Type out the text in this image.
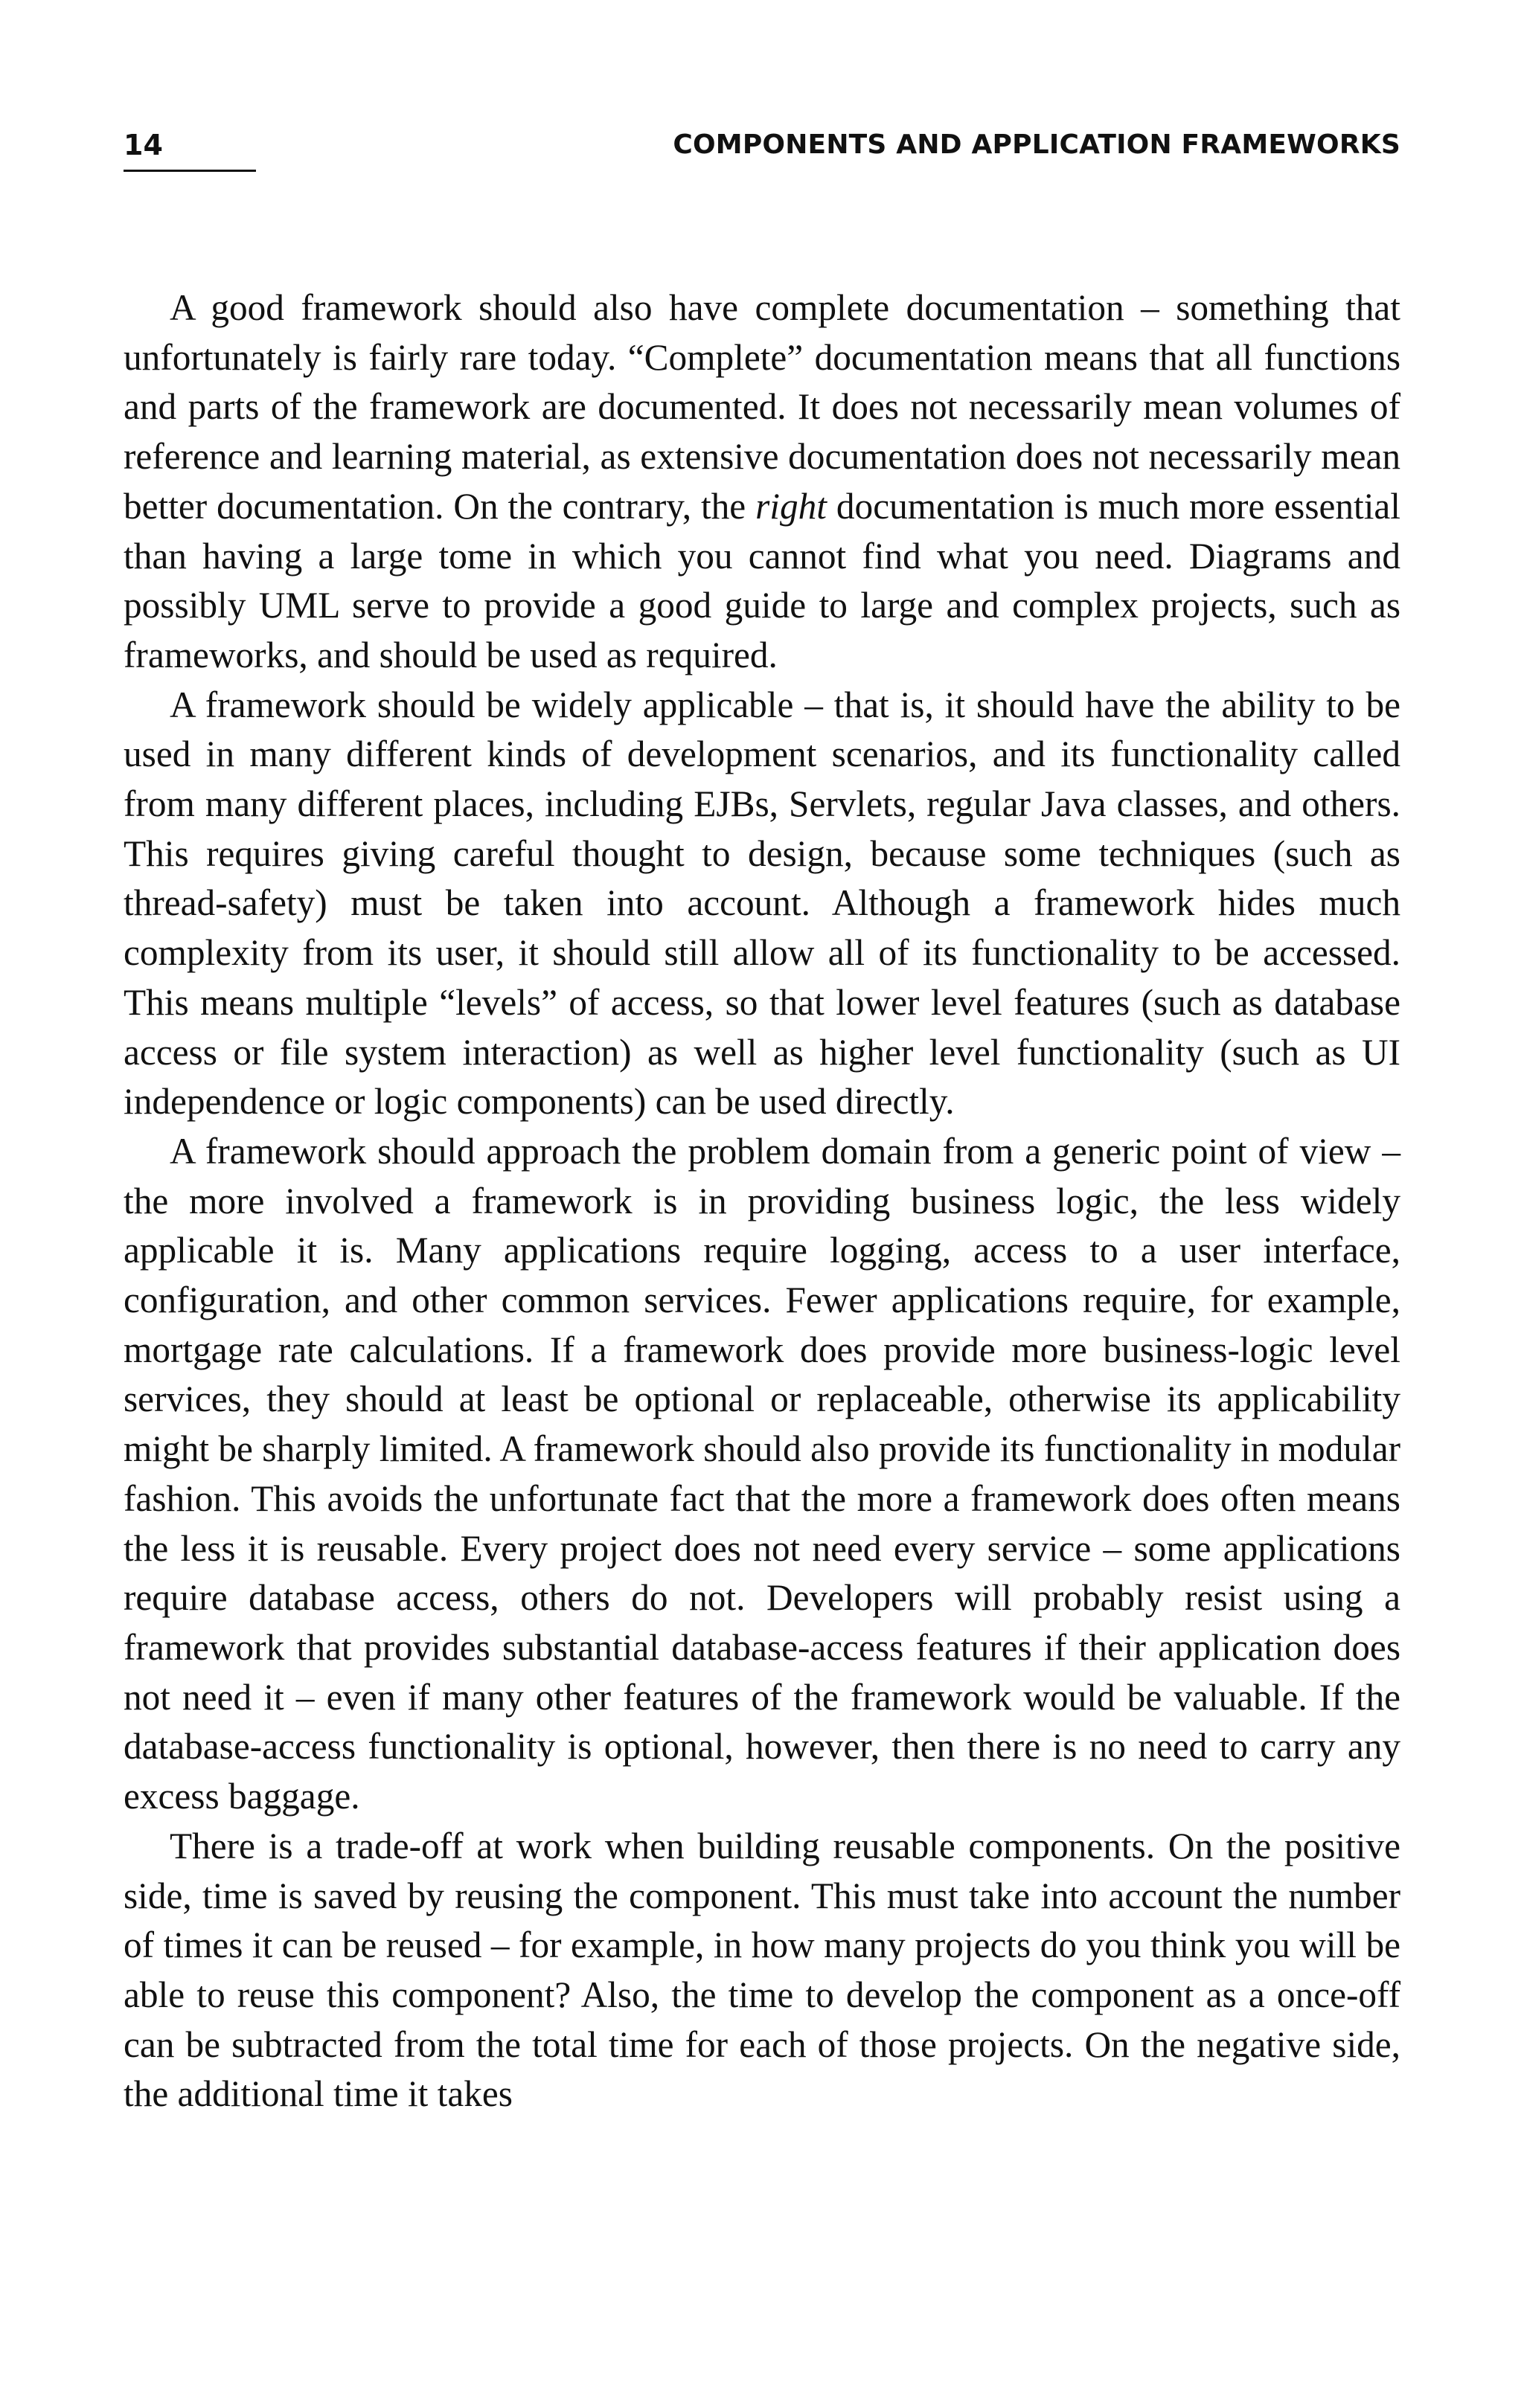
14	COMPONENTS AND APPLICATION FRAMEWORKS

A good framework should also have complete documentation – something that unfortunately is fairly rare today. “Complete” documentation means that all functions and parts of the framework are documented. It does not necessarily mean volumes of reference and learning material, as extensive documentation does not necessarily mean better documentation. On the contrary, the right documentation is much more essential than having a large tome in which you cannot find what you need. Diagrams and possibly UML serve to provide a good guide to large and complex projects, such as frameworks, and should be used as required.

A framework should be widely applicable – that is, it should have the ability to be used in many different kinds of development scenarios, and its functionality called from many different places, including EJBs, Servlets, regular Java classes, and others. This requires giving careful thought to design, because some techniques (such as thread-safety) must be taken into account. Although a framework hides much complexity from its user, it should still allow all of its functionality to be accessed. This means multiple “levels” of access, so that lower level features (such as database access or file system interaction) as well as higher level functionality (such as UI independence or logic components) can be used directly.

A framework should approach the problem domain from a generic point of view – the more involved a framework is in providing business logic, the less widely applicable it is. Many applications require logging, access to a user interface, configuration, and other common services. Fewer applications require, for example, mortgage rate calculations. If a framework does provide more business-logic level services, they should at least be optional or replaceable, otherwise its applicability might be sharply limited. A framework should also provide its functionality in modular fashion. This avoids the unfortunate fact that the more a framework does often means the less it is reusable. Every project does not need every service – some applications require database access, others do not. Developers will probably resist using a framework that provides substantial database-access features if their application does not need it – even if many other features of the framework would be valuable. If the database-access functionality is optional, however, then there is no need to carry any excess baggage.

There is a trade-off at work when building reusable components. On the positive side, time is saved by reusing the component. This must take into account the number of times it can be reused – for example, in how many projects do you think you will be able to reuse this component? Also, the time to develop the component as a once-off can be subtracted from the total time for each of those projects. On the negative side, the additional time it takes
